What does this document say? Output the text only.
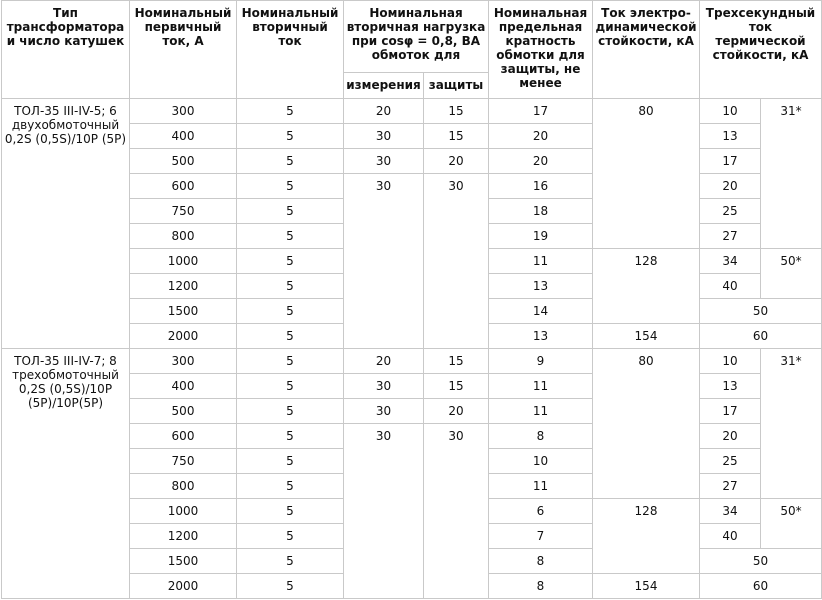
Тип трансформатора и число катушек	Номинальный первичный ток, А	Номинальный вторичный ток	Номинальная вторичная нагрузка при cosφ = 0,8, ВА обмоток для		Номинальная предельная кратность обмотки для защиты, не менее	Ток электро-динамической стойкости, кА	Трехсекундный ток термической стойкости, кА	
			измерения	защиты				
ТОЛ-35 III-IV-5; 6 двухобмоточный 0,2S (0,5S)/10P (5P)	300	5	20	15	17	80	10	31*
	400	5	30	15	20		13	
	500	5	30	20	20		17	
	600	5	30	30	16		20	
	750	5			18		25	
	800	5			19		27	
	1000	5			11	128	34	50*
	1200	5			13		40	
	1500	5			14		50	
	2000	5			13	154	60	
ТОЛ-35 III-IV-7; 8 трехобмоточный 0,2S (0,5S)/10P (5P)/10P(5P)	300	5	20	15	9	80	10	31*
	400	5	30	15	11		13	
	500	5	30	20	11		17	
	600	5	30	30	8		20	
	750	5			10		25	
	800	5			11		27	
	1000	5			6	128	34	50*
	1200	5			7		40	
	1500	5			8		50	
	2000	5			8	154	60	
